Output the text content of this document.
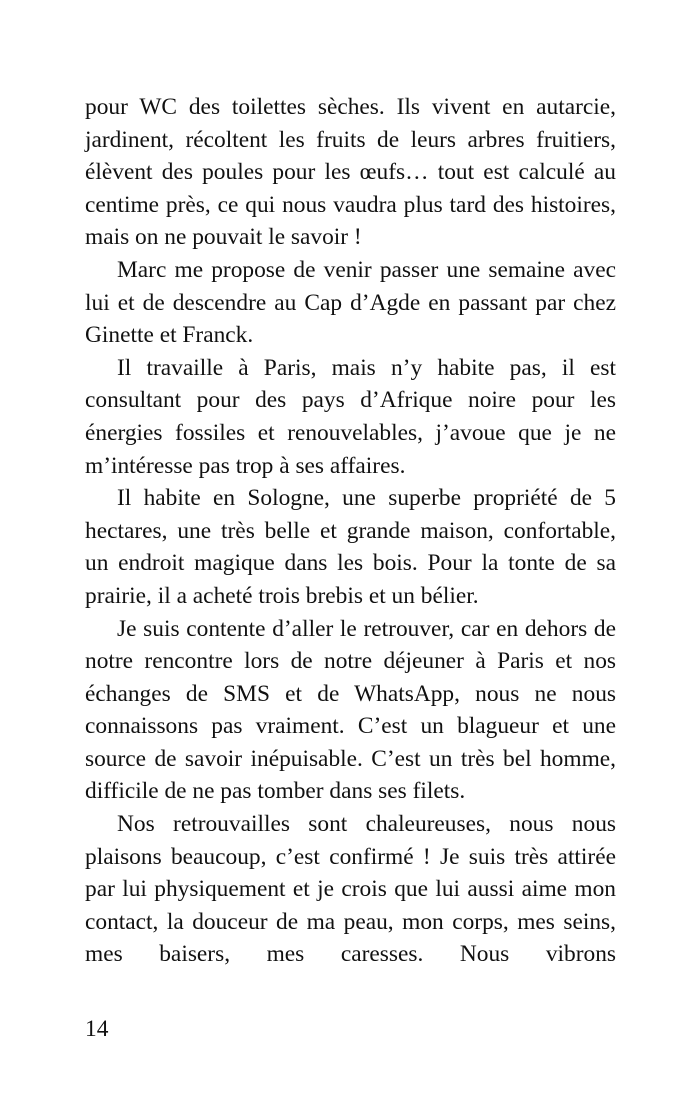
pour WC des toilettes sèches. Ils vivent en autarcie, jardinent, récoltent les fruits de leurs arbres fruitiers, élèvent des poules pour les œufs… tout est calculé au centime près, ce qui nous vaudra plus tard des histoires, mais on ne pouvait le savoir !

Marc me propose de venir passer une semaine avec lui et de descendre au Cap d’Agde en passant par chez Ginette et Franck.

Il travaille à Paris, mais n’y habite pas, il est consultant pour des pays d’Afrique noire pour les énergies fossiles et renouvelables, j’avoue que je ne m’intéresse pas trop à ses affaires.

Il habite en Sologne, une superbe propriété de 5 hectares, une très belle et grande maison, confortable, un endroit magique dans les bois. Pour la tonte de sa prairie, il a acheté trois brebis et un bélier.

Je suis contente d’aller le retrouver, car en dehors de notre rencontre lors de notre déjeuner à Paris et nos échanges de SMS et de WhatsApp, nous ne nous connaissons pas vraiment. C’est un blagueur et une source de savoir inépuisable. C’est un très bel homme, difficile de ne pas tomber dans ses filets.

Nos retrouvailles sont chaleureuses, nous nous plaisons beaucoup, c’est confirmé ! Je suis très attirée par lui physiquement et je crois que lui aussi aime mon contact, la douceur de ma peau, mon corps, mes seins, mes baisers, mes caresses. Nous vibrons

14
